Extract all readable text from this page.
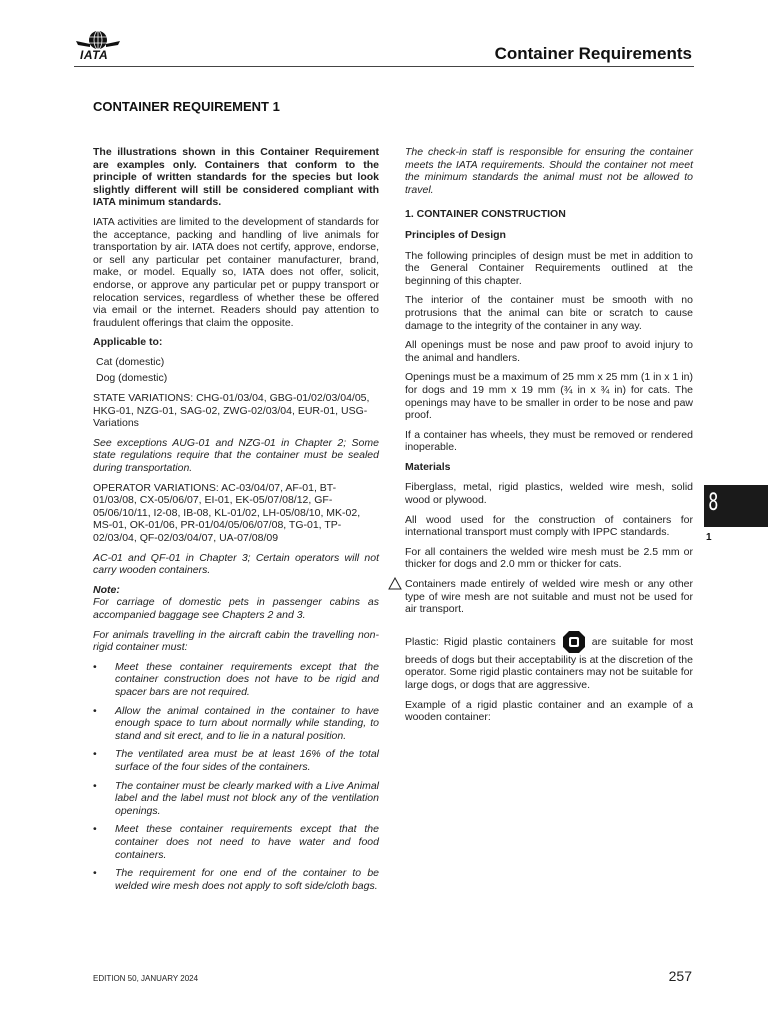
IATA	Container Requirements
CONTAINER REQUIREMENT 1

The illustrations shown in this Container Requirement are examples only. Containers that conform to the principle of written standards for the species but look slightly different will still be considered compliant with IATA minimum standards.

IATA activities are limited to the development of standards for the acceptance, packing and handling of live animals for transportation by air. IATA does not certify, approve, endorse, or sell any particular pet container manufacturer, brand, make, or model. Equally so, IATA does not offer, solicit, endorse, or approve any particular pet or puppy transport or relocation services, regardless of whether these be offered via email or the internet. Readers should pay attention to fraudulent offerings that claim the opposite.

Applicable to:

Cat (domestic)
Dog (domestic)

STATE VARIATIONS: CHG-01/03/04, GBG-01/02/03/04/05, HKG-01, NZG-01, SAG-02, ZWG-02/03/04, EUR-01, USG-Variations

See exceptions AUG-01 and NZG-01 in Chapter 2; Some state regulations require that the container must be sealed during transportation.

OPERATOR VARIATIONS: AC-03/04/07, AF-01, BT-01/03/08, CX-05/06/07, EI-01, EK-05/07/08/12, GF-05/06/10/11, I2-08, IB-08, KL-01/02, LH-05/08/10, MK-02, MS-01, OK-01/06, PR-01/04/05/06/07/08, TG-01, TP-02/03/04, QF-02/03/04/07, UA-07/08/09

AC-01 and QF-01 in Chapter 3; Certain operators will not carry wooden containers.

Note:

For carriage of domestic pets in passenger cabins as accompanied baggage see Chapters 2 and 3.

For animals travelling in the aircraft cabin the travelling non-rigid container must:

• Meet these container requirements except that the container construction does not have to be rigid and spacer bars are not required.
• Allow the animal contained in the container to have enough space to turn about normally while standing, to stand and sit erect, and to lie in a natural position.
• The ventilated area must be at least 16% of the total surface of the four sides of the containers.
• The container must be clearly marked with a Live Animal label and the label must not block any of the ventilation openings.
• Meet these container requirements except that the container does not need to have water and food containers.
• The requirement for one end of the container to be welded wire mesh does not apply to soft side/cloth bags.

The check-in staff is responsible for ensuring the container meets the IATA requirements. Should the container not meet the minimum standards the animal must not be allowed to travel.

1. CONTAINER CONSTRUCTION
Principles of Design

The following principles of design must be met in addition to the General Container Requirements outlined at the beginning of this chapter.

The interior of the container must be smooth with no protrusions that the animal can bite or scratch to cause damage to the integrity of the container in any way.

All openings must be nose and paw proof to avoid injury to the animal and handlers.

Openings must be a maximum of 25 mm x 25 mm (1 in x 1 in) for dogs and 19 mm x 19 mm (¾ in x ¾ in) for cats. The openings may have to be smaller in order to be nose and paw proof.

If a container has wheels, they must be removed or rendered inoperable.

Materials

Fiberglass, metal, rigid plastics, welded wire mesh, solid wood or plywood.

All wood used for the construction of containers for international transport must comply with IPPC standards.

For all containers the welded wire mesh must be 2.5 mm or thicker for dogs and 2.0 mm or thicker for cats.

Containers made entirely of welded wire mesh or any other type of wire mesh are not suitable and must not be used for air transport.

Plastic: Rigid plastic containers	are suitable for most breeds of dogs but their acceptability is at the discretion of the operator. Some rigid plastic containers may not be suitable for large dogs, or dogs that are aggressive.

Example of a rigid plastic container and an example of a wooden container:

8
1
EDITION 50, JANUARY 2024	257
